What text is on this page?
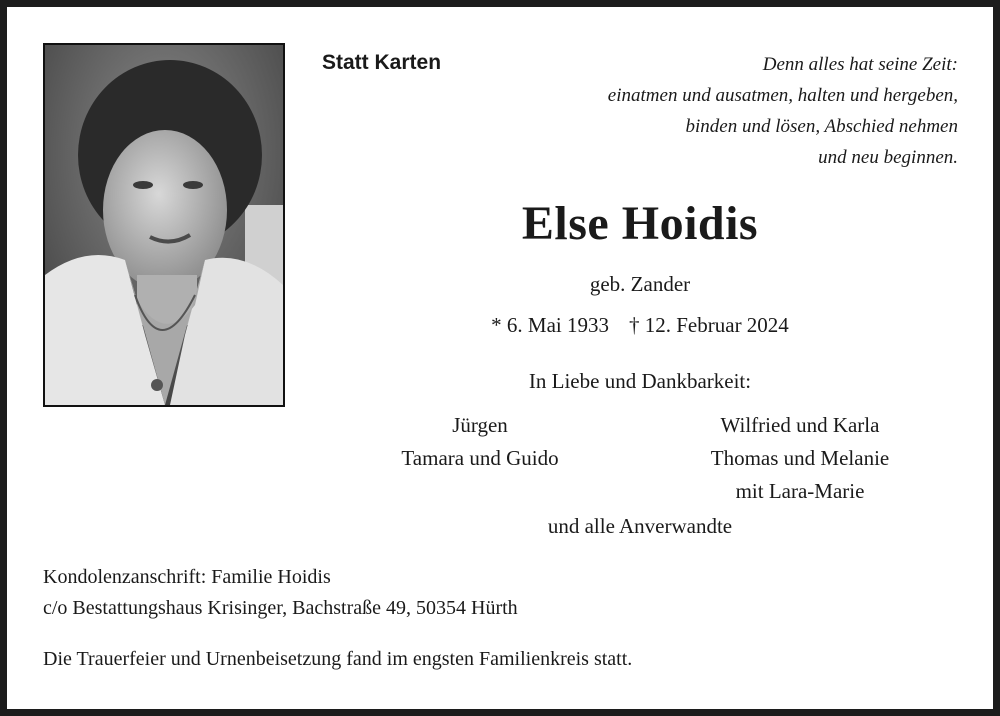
Statt Karten	Denn alles hat seine Zeit:
einatmen und ausatmen, halten und hergeben,
binden und lösen, Abschied nehmen
und neu beginnen.
Else Hoidis
geb. Zander
* 6. Mai 1933 † 12. Februar 2024
In Liebe und Dankbarkeit:
Jürgen
Tamara und Guido
Wilfried und Karla
Thomas und Melanie
mit Lara-Marie
und alle Anverwandte
Kondolenzanschrift: Familie Hoidis
c/o Bestattungshaus Krisinger, Bachstraße 49, 50354 Hürth
Die Trauerfeier und Urnenbeisetzung fand im engsten Familienkreis statt.
